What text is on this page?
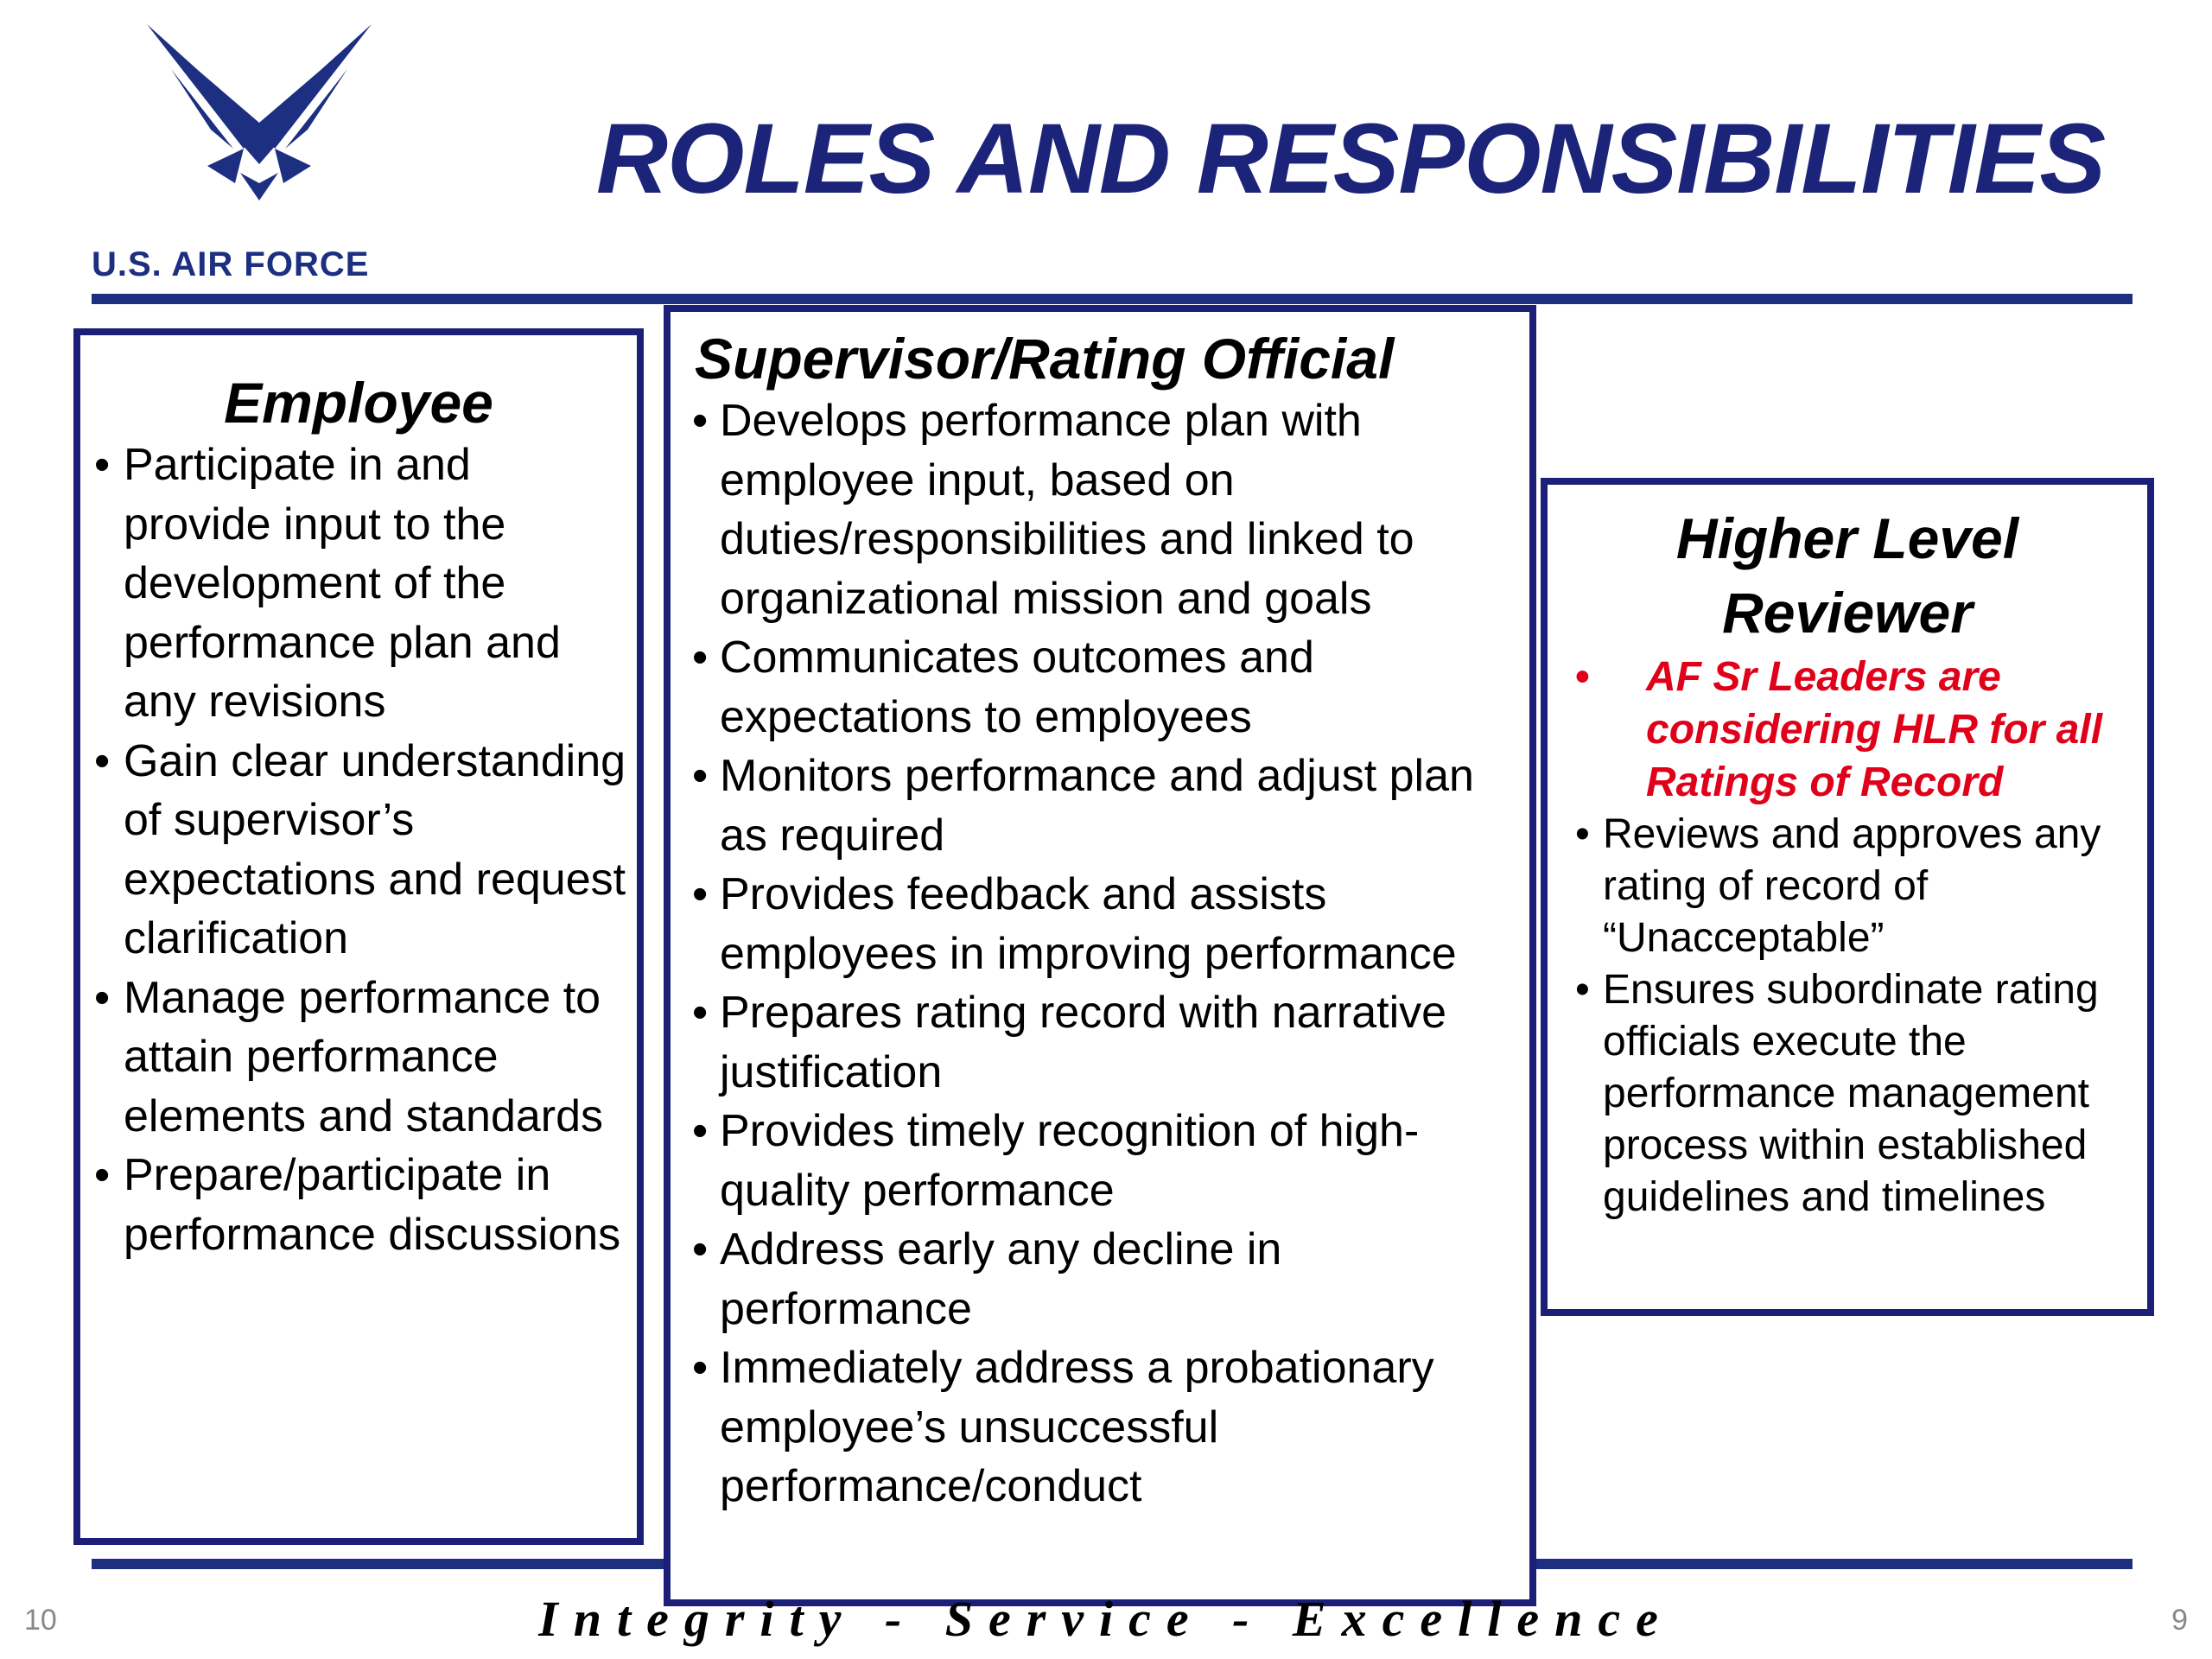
U.S. AIR FORCE
ROLES AND RESPONSIBILITIES
Employee
• Participate in and provide input to the development of the performance plan and any revisions
• Gain clear understanding of supervisor’s expectations and request clarification
• Manage performance to attain performance elements and standards
• Prepare/participate in performance discussions
Supervisor/Rating Official
• Develops performance plan with employee input, based on duties/responsibilities and linked to organizational mission and goals
• Communicates outcomes and expectations to employees
• Monitors performance and adjust plan as required
• Provides feedback and assists employees in improving performance
• Prepares rating record with narrative justification
• Provides timely recognition of high-quality performance
• Address early any decline in performance
• Immediately address a probationary employee’s unsuccessful performance/conduct
Higher Level
Reviewer
• AF Sr Leaders are considering HLR for all Ratings of Record
• Reviews and approves any rating of record of “Unacceptable”
• Ensures subordinate rating officials execute the performance management process within established guidelines and timelines
Integrity - Service - Excellence
10	9
